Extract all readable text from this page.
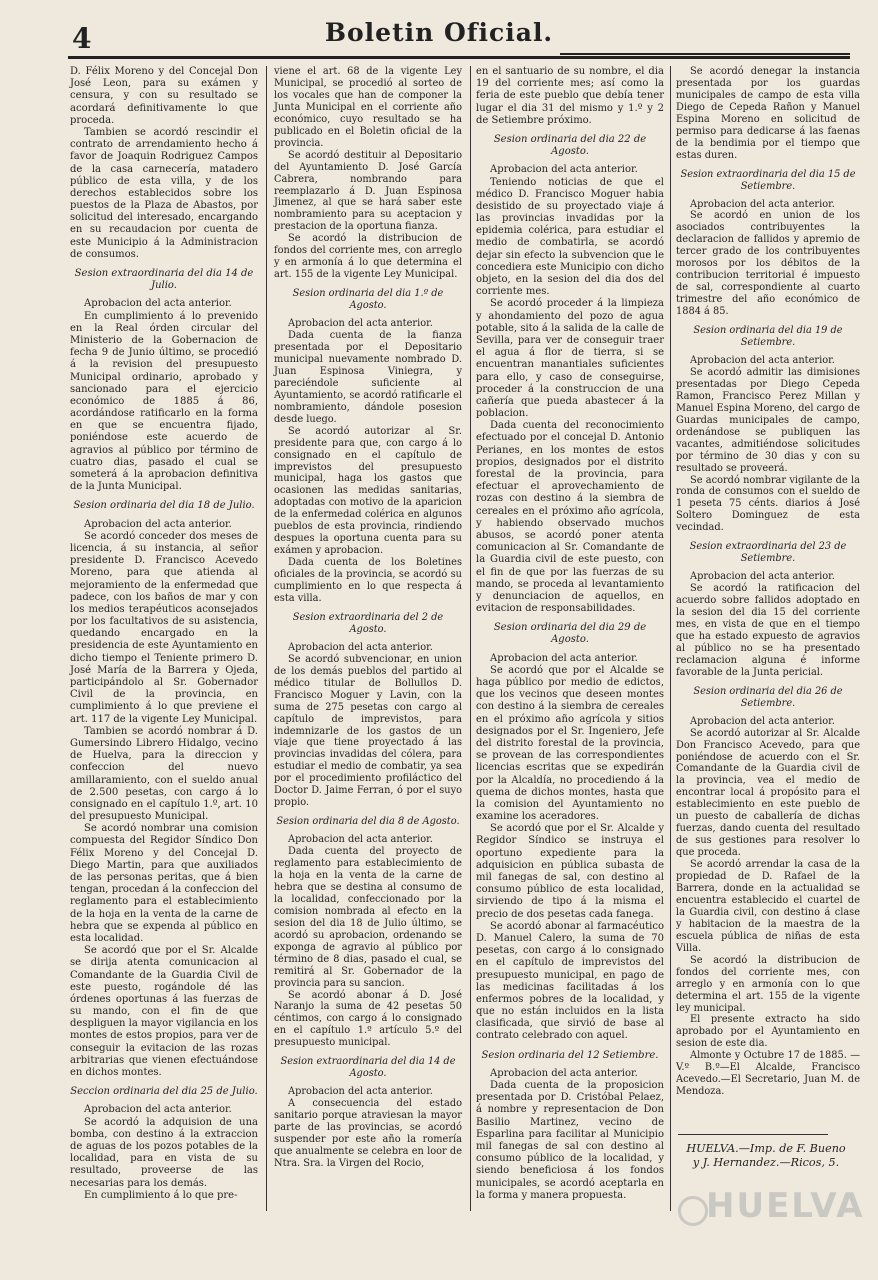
4	Boletin Oficial.

D. Félix Moreno y del Concejal Don José Leon, para su exámen y censura, y con su resultado se acordará definitivamente lo que proceda.

Tambien se acordó rescindir el contrato de arrendamiento hecho á favor de Joaquin Rodriguez Campos de la casa carnecería, matadero público de esta villa, y de los derechos establecidos sobre los puestos de la Plaza de Abastos, por solicitud del interesado, encargando en su recaudacion por cuenta de este Municipio á la Administracion de consumos.

Sesion extraordinaria del dia 14 de Julio.

Aprobacion del acta anterior.

En cumplimiento á lo prevenido en la Real órden circular del Ministerio de la Gobernacion de fecha 9 de Junio último, se procedió á la revision del presupuesto Municipal ordinario, aprobado y sancionado para el ejercicio económico de 1885 á 86, acordándose ratificarlo en la forma en que se encuentra fijado, poniéndose este acuerdo de agravios al público por término de cuatro dias, pasado el cual se someterá á la aprobacion definitiva de la Junta Municipal.

Sesion ordinaria del dia 18 de Julio.

Aprobacion del acta anterior.

Se acordó conceder dos meses de licencia, á su instancia, al señor presidente D. Francisco Acevedo Moreno, para que atienda al mejoramiento de la enfermedad que padece, con los baños de mar y con los medios terapéuticos aconsejados por los facultativos de su asistencia, quedando encargado en la presidencia de este Ayuntamiento en dicho tiempo el Teniente primero D. José María de la Barrera y Ojeda, participándolo al Sr. Gobernador Civil de la provincia, en cumplimiento á lo que previene el art. 117 de la vigente Ley Municipal.

Tambien se acordó nombrar á D. Gumersindo Librero Hidalgo, vecino de Huelva, para la direccion y confeccion del nuevo amillaramiento, con el sueldo anual de 2.500 pesetas, con cargo á lo consignado en el capítulo 1.º, art. 10 del presupuesto Municipal.

Se acordó nombrar una comision compuesta del Regidor Síndico Don Félix Moreno y del Concejal D. Diego Martin, para que auxiliados de las personas peritas, que á bien tengan, procedan á la confeccion del reglamento para el establecimiento de la hoja en la venta de la carne de hebra que se expenda al público en esta localidad.

Se acordó que por el Sr. Alcalde se dirija atenta comunicacion al Comandante de la Guardia Civil de este puesto, rogándole dé las órdenes oportunas á las fuerzas de su mando, con el fin de que despliguen la mayor vigilancia en los montes de estos propios, para ver de conseguir la evitacion de las rozas arbitrarias que vienen efectuándose en dichos montes.

Seccion ordinaria del dia 25 de Julio.

Aprobacion del acta anterior.

Se acordó la adquision de una bomba, con destino á la extraccion de aguas de los pozos potables de la localidad, para en vista de su resultado, proveerse de las necesarias para los demás.

En cumplimiento á lo que pre-

viene el art. 68 de la vigente Ley Municipal, se procedió al sorteo de los vocales que han de componer la Junta Municipal en el corriente año económico, cuyo resultado se ha publicado en el Boletin oficial de la provincia.

Se acordó destituir al Depositario del Ayuntamiento D. José García Cabrera, nombrando para reemplazarlo á D. Juan Espinosa Jimenez, al que se hará saber este nombramiento para su aceptacion y prestacion de la oportuna fianza.

Se acordó la distribucion de fondos del corriente mes, con arreglo y en armonía á lo que determina el art. 155 de la vigente Ley Municipal.

Sesion ordinaria del dia 1.º de Agosto.

Aprobacion del acta anterior.

Dada cuenta de la fianza presentada por el Depositario municipal nuevamente nombrado D. Juan Espinosa Viniegra, y pareciéndole suficiente al Ayuntamiento, se acordó ratificarle el nombramiento, dándole posesion desde luego.

Se acordó autorizar al Sr. presidente para que, con cargo á lo consignado en el capítulo de imprevistos del presupuesto municipal, haga los gastos que ocasionen las medidas sanitarias, adoptadas con motivo de la aparicion de la enfermedad colérica en algunos pueblos de esta provincia, rindiendo despues la oportuna cuenta para su exámen y aprobacion.

Dada cuenta de los Boletines oficiales de la provincia, se acordó su cumplimiento en lo que respecta á esta villa.

Sesion extraordinaria del 2 de Agosto.

Aprobacion del acta anterior.

Se acordó subvencionar, en union de los demás pueblos del partido al médico titular de Bollullos D. Francisco Moguer y Lavin, con la suma de 275 pesetas con cargo al capítulo de imprevistos, para indemnizarle de los gastos de un viaje que tiene proyectado á las provincias invadidas del cólera, para estudiar el medio de combatir, ya sea por el procedimiento profiláctico del Doctor D. Jaime Ferran, ó por el suyo propio.

Sesion ordinaria del dia 8 de Agosto.

Aprobacion del acta anterior.

Dada cuenta del proyecto de reglamento para establecimiento de la hoja en la venta de la carne de hebra que se destina al consumo de la localidad, confeccionado por la comision nombrada al efecto en la sesion del dia 18 de Julio último, se acordó su aprobacion, ordenando se exponga de agravio al público por término de 8 dias, pasado el cual, se remitirá al Sr. Gobernador de la provincia para su sancion.

Se acordó abonar á D. José Naranjo la suma de 42 pesetas 50 céntimos, con cargo á lo consignado en el capítulo 1.º artículo 5.º del presupuesto municipal.

Sesion extraordinaria del dia 14 de Agosto.

Aprobacion del acta anterior.

A consecuencia del estado sanitario porque atraviesan la mayor parte de las provincias, se acordó suspender por este año la romería que anualmente se celebra en loor de Ntra. Sra. la Virgen del Rocio,

en el santuario de su nombre, el dia 19 del corriente mes; así como la feria de este pueblo que debía tener lugar el dia 31 del mismo y 1.º y 2 de Setiembre próximo.

Sesion ordinaria del dia 22 de Agosto.

Aprobacion del acta anterior.

Teniendo noticias de que el médico D. Francisco Moguer habia desistido de su proyectado viaje á las provincias invadidas por la epidemia colérica, para estudiar el medio de combatirla, se acordó dejar sin efecto la subvencion que le concediera este Municipio con dicho objeto, en la sesion del dia dos del corriente mes.

Se acordó proceder á la limpieza y ahondamiento del pozo de agua potable, sito á la salida de la calle de Sevilla, para ver de conseguir traer el agua á flor de tierra, si se encuentran manantiales suficientes para ello, y caso de conseguirse, proceder á la construccion de una cañería que pueda abastecer á la poblacion.

Dada cuenta del reconocimiento efectuado por el concejal D. Antonio Perianes, en los montes de estos propios, designados por el distrito forestal de la provincia, para efectuar el aprovechamiento de rozas con destino á la siembra de cereales en el próximo año agrícola, y habiendo observado muchos abusos, se acordó poner atenta comunicacion al Sr. Comandante de la Guardia civil de este puesto, con el fin de que por las fuerzas de su mando, se proceda al levantamiento y denunciacion de aquellos, en evitacion de responsabilidades.

Sesion ordinaria del dia 29 de Agosto.

Aprobacion del acta anterior.

Se acordó que por el Alcalde se haga público por medio de edictos, que los vecinos que deseen montes con destino á la siembra de cereales en el próximo año agrícola y sitios designados por el Sr. Ingeniero, Jefe del distrito forestal de la provincia, se provean de las correspondientes licencias escritas que se expedirán por la Alcaldía, no procediendo á la quema de dichos montes, hasta que la comision del Ayuntamiento no examine los aceradores.

Se acordó que por el Sr. Alcalde y Regidor Síndico se instruya el oportuno expediente para la adquisicion en pública subasta de mil fanegas de sal, con destino al consumo público de esta localidad, sirviendo de tipo á la misma el precio de dos pesetas cada fanega.

Se acordó abonar al farmacéutico D. Manuel Calero, la suma de 70 pesetas, con cargo á lo consignado en el capítulo de imprevistos del presupuesto municipal, en pago de las medicinas facilitadas á los enfermos pobres de la localidad, y que no están incluidos en la lista clasificada, que sirvió de base al contrato celebrado con aquel.

Sesion ordinaria del 12 Setiembre.

Aprobacion del acta anterior.

Dada cuenta de la proposicion presentada por D. Cristóbal Pelaez, á nombre y representacion de Don Basilio Martinez, vecino de Esparlina para facilitar al Municipio mil fanegas de sal con destino al consumo público de la localidad, y siendo beneficiosa á los fondos municipales, se acordó aceptarla en la forma y manera propuesta.

Se acordó denegar la instancia presentada por los guardas municipales de campo de esta villa Diego de Cepeda Rañon y Manuel Espina Moreno en solicitud de permiso para dedicarse á las faenas de la bendimia por el tiempo que estas duren.

Sesion extraordinaria del dia 15 de Setiembre.

Aprobacion del acta anterior.

Se acordó en union de los asociados contribuyentes la declaracion de fallidos y apremio de tercer grado de los contribuyentes morosos por los débitos de la contribucion territorial é impuesto de sal, correspondiente al cuarto trimestre del año económico de 1884 á 85.

Sesion ordinaria del dia 19 de Setiembre.

Aprobacion del acta anterior.

Se acordó admitir las dimisiones presentadas por Diego Cepeda Ramon, Francisco Perez Millan y Manuel Espina Moreno, del cargo de Guardas municipales de campo, ordenándose se publiquen las vacantes, admitiéndose solicitudes por término de 30 dias y con su resultado se proveerá.

Se acordó nombrar vigilante de la ronda de consumos con el sueldo de 1 peseta 75 cénts. diarios á José Soltero Dominguez de esta vecindad.

Sesion extraordinaria del 23 de Setiembre.

Aprobacion del acta anterior.

Se acordó la ratificacion del acuerdo sobre fallidos adoptado en la sesion del dia 15 del corriente mes, en vista de que en el tiempo que ha estado expuesto de agravios al público no se ha presentado reclamacion alguna é informe favorable de la Junta pericial.

Sesion ordinaria del dia 26 de Setiembre.

Aprobacion del acta anterior.

Se acordó autorizar al Sr. Alcalde Don Francisco Acevedo, para que poniéndose de acuerdo con el Sr. Comandante de la Guardia civil de la provincia, vea el medio de encontrar local á propósito para el establecimiento en este pueblo de un puesto de caballería de dichas fuerzas, dando cuenta del resultado de sus gestiones para resolver lo que proceda.

Se acordó arrendar la casa de la propiedad de D. Rafael de la Barrera, donde en la actualidad se encuentra establecido el cuartel de la Guardia civil, con destino á clase y habitacion de la maestra de la escuela pública de niñas de esta Villa.

Se acordó la distribucion de fondos del corriente mes, con arreglo y en armonía con lo que determina el art. 155 de la vigente ley municipal.

El presente extracto ha sido aprobado por el Ayuntamiento en sesion de este dia.

Almonte y Octubre 17 de 1885. —V.º B.º—El Alcalde, Francisco Acevedo.—El Secretario, Juan M. de Mendoza.

HUELVA.—Imp. de F. Bueno
y J. Hernandez.—Ricos, 5.
HUELVA
